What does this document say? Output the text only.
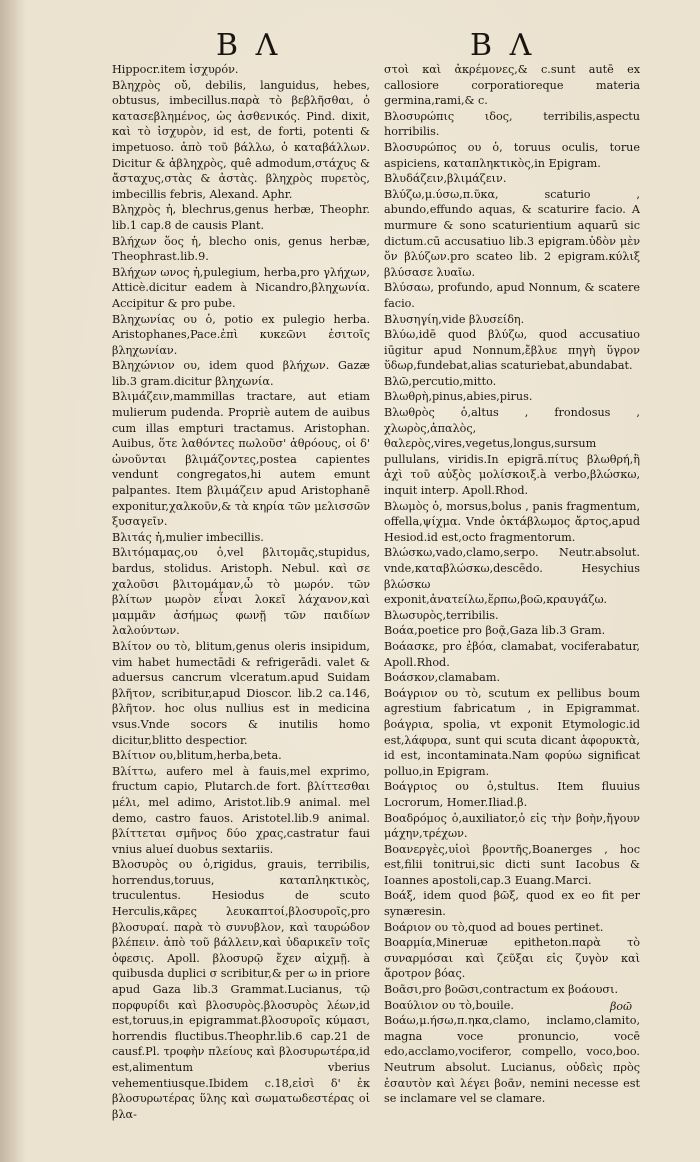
B Λ	B Λ

Hippocr.item ἰσχυρόν.

Βληχρὸς οὔ, debilis, languidus, hebes, obtusus, imbecillus.παρὰ τὸ βεβλῆσθαι, ὁ κατασεβλημένος, ὡς ἀσθενικός. Pind. dixit, καὶ τὸ ἰσχυρὸν, id est, de forti, potenti & impetuoso. ἀπὸ τοῦ βάλλω, ὁ καταβάλλων. Dicitur & ἀβληχρὸς, quê admodum,στάχυς & ἄσταχυς,στὰς & ἀστὰς. βληχρὸς πυρετὸς, imbecillis febris, Alexand. Aphr.

Βληχρὸς ἡ, blechrus,genus herbæ, Theophr. lib.1 cap.8 de causis Plant.

Βλήχων ὅος ἡ, blecho onis, genus herbæ, Theophrast.lib.9.

Βλήχων ωνος ἡ,pulegium, herba,pro γλήχων, Atticè.dicitur eadem à Nicandro,βληχωνία. Accipitur & pro pube.

Βληχωνίας ου ὁ, potio ex pulegio herba. Aristophanes,Pace.ἐπὶ κυκεῶνι ἐσιτοῖς βληχωνίαν.

Βληχώνιον ου, idem quod βλήχων. Gazæ lib.3 gram.dicitur βληχωνία.

Βλιμάζειν,mammillas tractare, aut etiam mulierum pudenda. Propriè autem de auibus cum illas empturi tractamus. Aristophan. Auibus, ὅτε λαθόντες πωλοῦσ' ἀθρόους, οἱ δ' ὠνοῦνται βλιμάζοντες,postea capientes vendunt congregatos,hi autem emunt palpantes. Item βλιμάζειν apud Aristophanē exponitur,χαλκοῦν,& τὰ κηρία τῶν μελισσῶν ξυσαγεῖν.

Βλιτάς ἡ,mulier imbecillis.

Βλιτόμαμας,ου ὁ,vel βλιτομᾶς,stupidus, bardus, stolidus. Aristoph. Nebul. καὶ σε χαλοῦσι βλιτομάμαν,ὦ τὸ μωρόν. τῶν βλίτων μωρὸν εἶναι λοκεῖ λάχανον,καὶ μαμμᾶν ἀσήμως φωνῇ τῶν παιδίων λαλούντων.

Βλίτον ου τὸ, blitum,genus oleris insipidum, vim habet humectādi & refrigerādi. valet & aduersus cancrum vlceratum.apud Suidam βλῆτον, scribitur,apud Dioscor. lib.2 ca.146, βλῆτον. hoc olus nullius est in medicina vsus.Vnde socors & inutilis homo dicitur,blitto despectior.

Βλίτιον ου,blitum,herba,beta.

Βλίττω, aufero mel à fauis,mel exprimo, fructum capio, Plutarch.de fort. βλίττεσθαι μέλι, mel adimo, Aristot.lib.9 animal. mel demo, castro fauos. Aristotel.lib.9 animal. βλίττεται σμῆνος δύο χρας,castratur faui vnius alueí duobus sextariis.

Βλοσυρὸς ου ὁ,rigidus, grauis, terribilis, horrendus,toruus, καταπληκτικὸς, truculentus. Hesiodus de scuto Herculis,κᾶρες λευκαπτοί,βλοσυροῖς,pro βλοσυραί. παρὰ τὸ συνυβλον, καὶ ταυρώδον βλέπειν. ἀπὸ τοῦ βάλλειν,καὶ ὑδαρικεῖν τοῖς ὀφεσις. Apoll. βλοσυρῷ ἔχεν αἰχμῇ. à quibusda duplici σ scribitur,& per ω in priore apud Gaza lib.3 Grammat.Lucianus, τῷ πορφυρίδι καὶ βλοσυρὸς.βλοσυρὸς λέων,id est,toruus,in epigrammat.βλοσυροῖς κύμασι, horrendis fluctibus.Theophr.lib.6 cap.21 de causf.Pl. τροφὴν πλείους καὶ βλοσυρωτέρα,id est,alimentum vberius vehementiusque.Ibidem c.18,εἰσὶ δ' ἐκ βλοσυρωτέρας ὕλης καὶ σωματωδεστέρας οἱ βλα-

στοὶ καὶ ἀκρέμονες,& c.sunt autē ex callosiore corporatioreque materia germina,rami,& c.

Βλοσυρώπις ιδος, terribilis,aspectu horribilis.

Βλοσυρώπος ου ὁ, toruus oculis, torue aspiciens, καταπληκτικὸς,in Epigram.

Βλυδάζειν,βλιμάζειν.

Βλύζω,μ.ύσω,π.ῦκα, scaturio , abundo,effundo aquas, & scaturire facio. A murmure & sono scaturientium aquarū sic dictum.cū accusatiuo lib.3 epigram.ὑδὸν μὲν ὅν βλύζων.pro scateo lib. 2 epigram.κύλιξ βλύσασε λυαῖω.

Βλύσαω, profundo, apud Nonnum, & scatere facio.

Βλυσηγίη,vide βλυσείδη.

Βλύω,idē quod βλύζω, quod accusatiuo iūgitur apud Nonnum,ἔβλυε πηγὴ ὕγρον ὕδωρ,fundebat,alias scaturiebat,abundabat.

Βλῶ,percutio,mitto.

Βλωθρὴ,pinus,abies,pirus.

Βλωθρὸς ὁ,altus , frondosus , χλωρὸς,ἀπαλὸς, θαλερὸς,vires,vegetus,longus,sursum pullulans, viridis.In epigrā.πίτυς βλωθρή,ἢ ἀχὶ τοῦ αὐξὸς μολίσκοιξ.à verbo,βλώσκω, inquit interp. Apoll.Rhod.

Βλωμὸς ὁ, morsus,bolus , panis fragmentum, offella,ψίχμα. Vnde ὀκτάβλωμος ἄρτος,apud Hesiod.id est,octo fragmentorum.

Βλώσκω,vado,clamo,serpo. Neutr.absolut. vnde,καταβλώσκω,descēdo. Hesychius βλώσκω exponit,ἀνατείλω,ἕρπω,βοῶ,κραυγάζω.

Βλωσυρὸς,terribilis.

Βοάα,poetice pro βοᾷ,Gaza lib.3 Gram.

Βοάασκε, pro ἐβόα, clamabat, vociferabatur, Apoll.Rhod.

Βοάσκον,clamabam.

Βοάγριον ου τὸ, scutum ex pellibus boum agrestium fabricatum , in Epigrammat. βοάγρια, spolia, vt exponit Etymologic.id est,λάφυρα, sunt qui scuta dicant ἀφορυκτὰ, id est, incontaminata.Nam φορύω significat polluo,in Epigram.

Βοάγριος ου ὁ,stultus. Item fluuius Locrorum, Homer.Iliad.β.

Βοαδρόμος ὁ,auxiliator,ὁ εἰς τὴν βοὴν,ἤγουν μάχην,τρέχων.

Βοανεργὲς,υἱοὶ βροντῆς,Boanerges , hoc est,filii tonitrui,sic dicti sunt Iacobus & Ioannes apostoli,cap.3 Euang.Marci.

Βοάξ, idem quod βῶξ, quod ex eo fit per synæresin.

Βοάριον ου τὸ,quod ad boues pertinet.

Βοαρμία,Mineruæ epitheton.παρὰ τὸ συναρμόσαι καὶ ζεῦξαι εἰς ζυγὸν καὶ ἄροτρον βόας.

Βοᾶσι,pro βοῶσι,contractum ex βοάουσι.

Βοαύλιον ου τὸ,bouile.

Βοάω,μ.ήσω,π.ηκα,clamo, inclamo,clamito, magna voce pronuncio, vocē edo,acclamo,vociferor, compello, voco,boo. Neutrum absolut. Lucianus, οὐδεὶς πρὸς ἐσαυτὸν καὶ λέγει βοᾶν, nemini necesse est se inclamare vel se clamare.

βοῶ
